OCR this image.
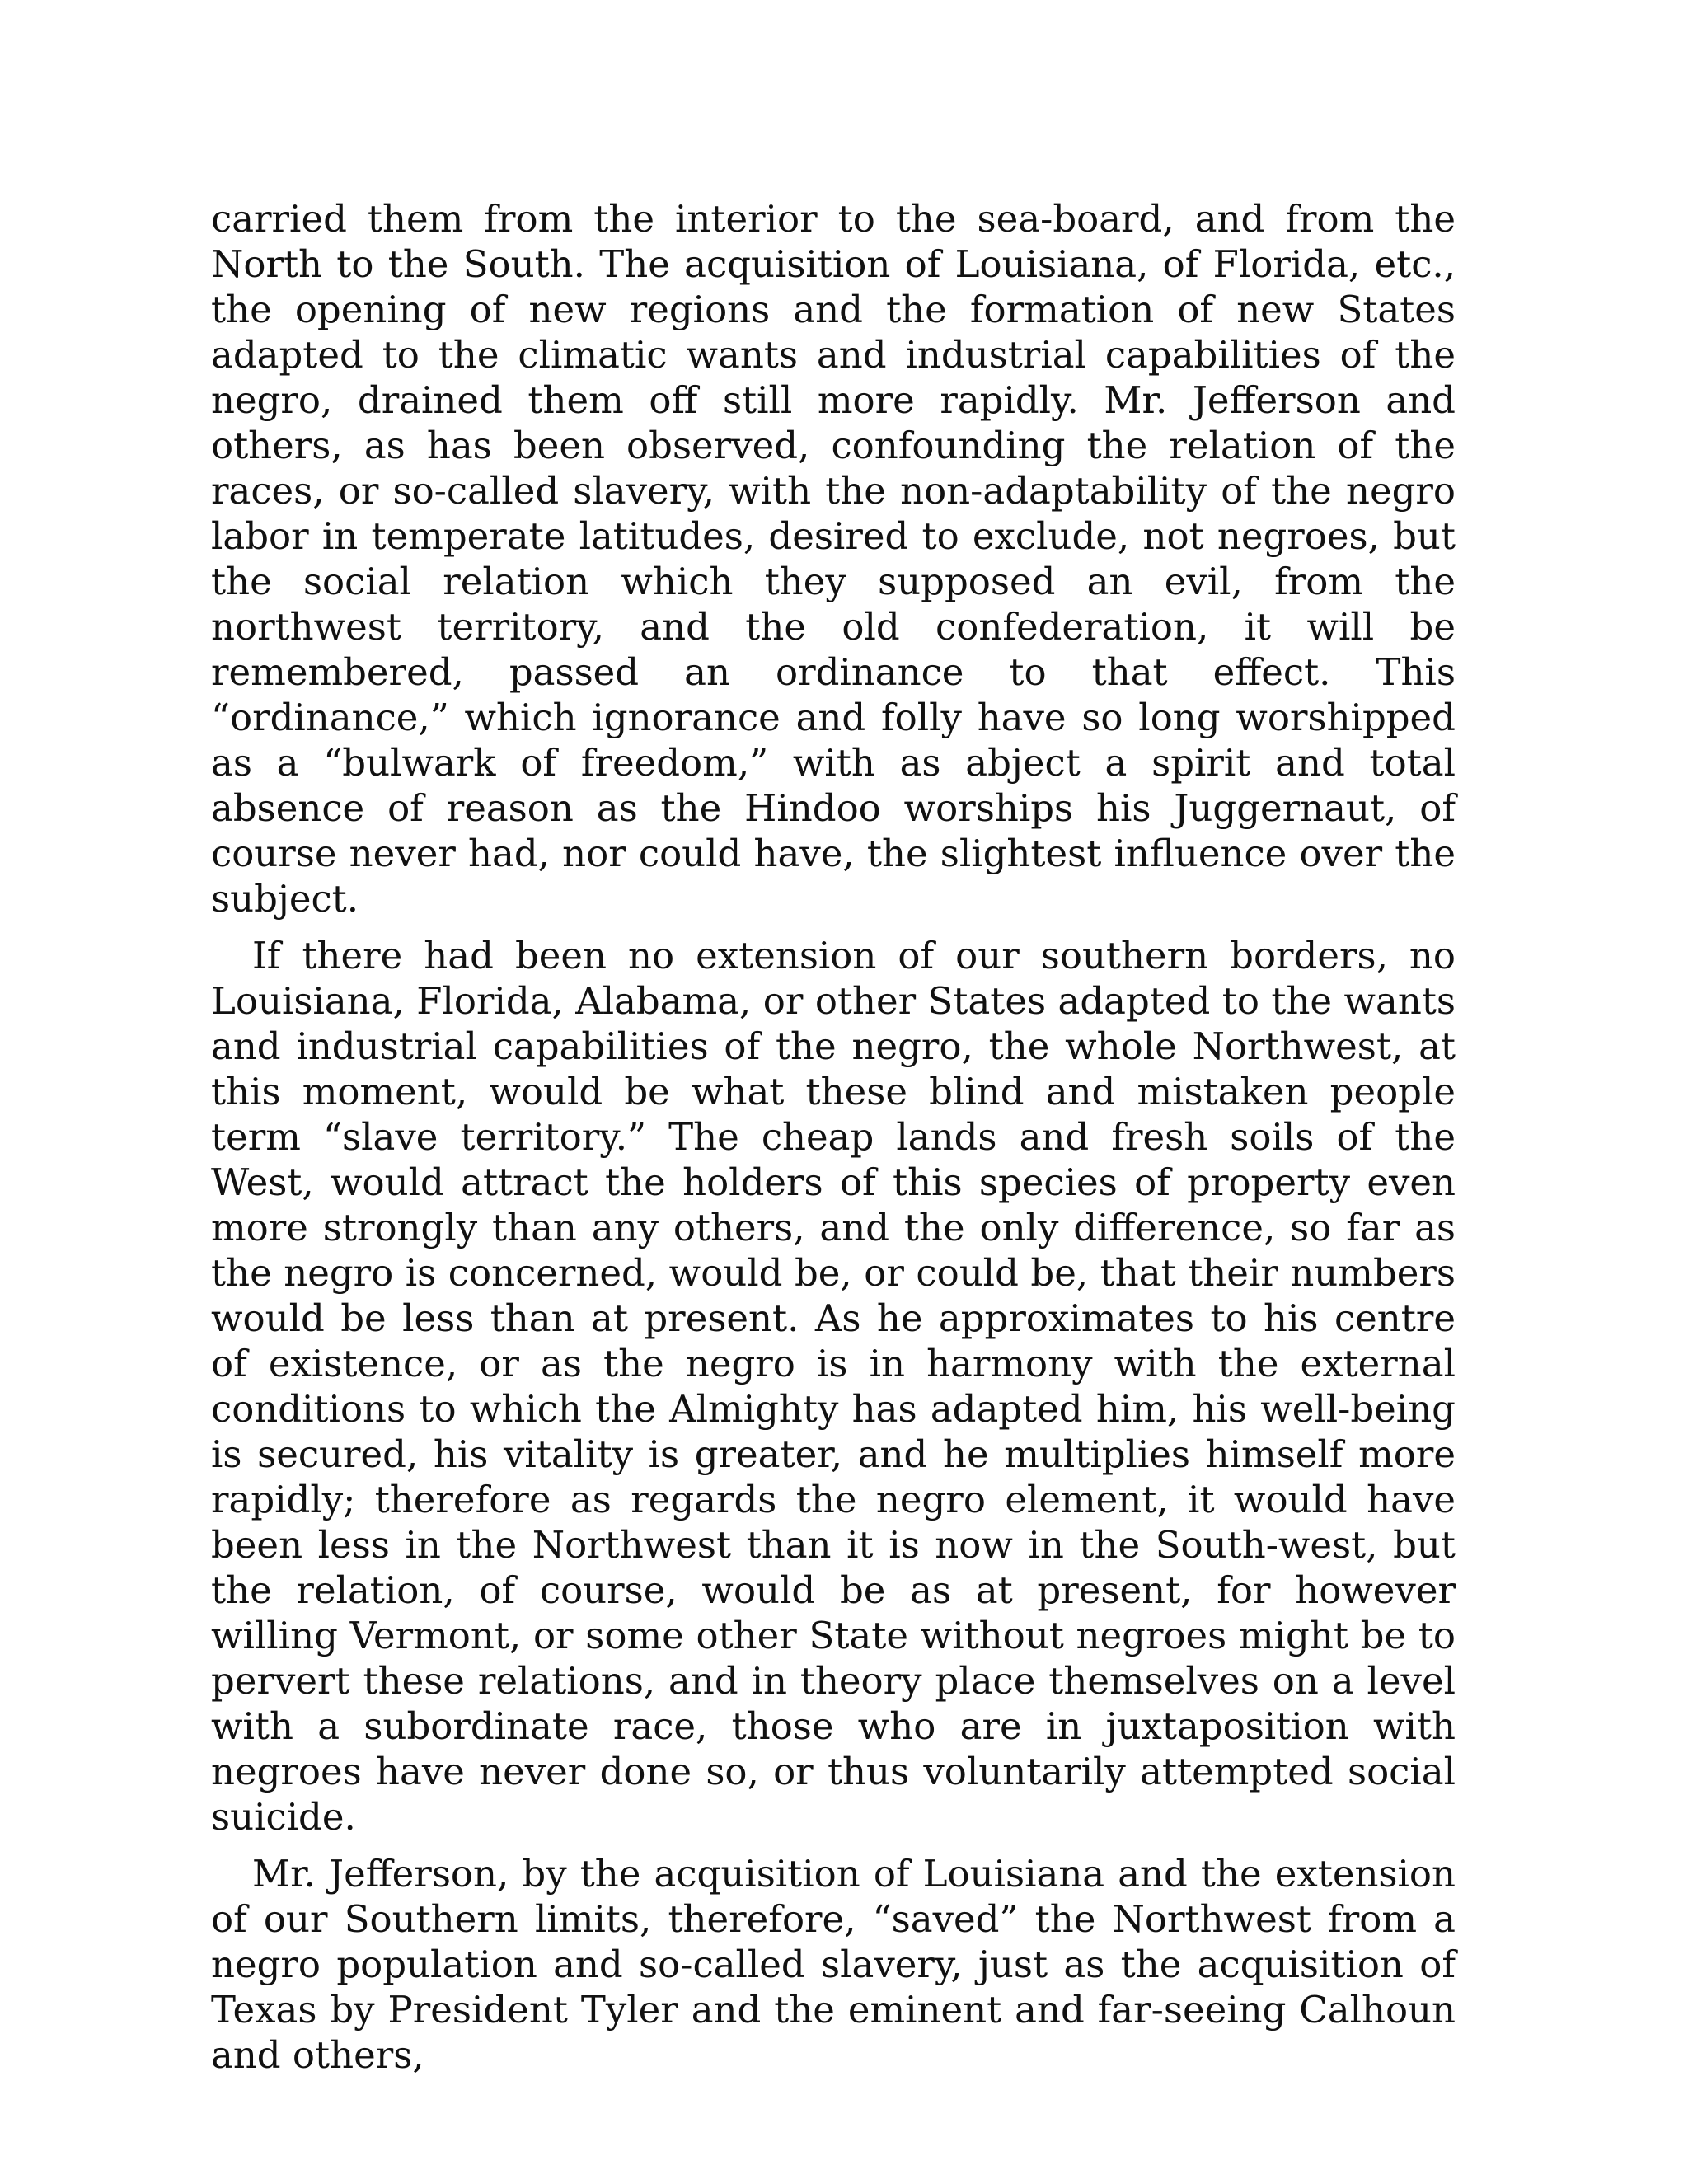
carried them from the interior to the sea-board, and from the North to the South. The acquisition of Louisiana, of Florida, etc., the opening of new regions and the formation of new States adapted to the climatic wants and industrial capabilities of the negro, drained them off still more rapidly. Mr. Jefferson and others, as has been observed, confounding the relation of the races, or so-called slavery, with the non-adaptability of the negro labor in temperate latitudes, desired to exclude, not negroes, but the social relation which they supposed an evil, from the northwest territory, and the old confederation, it will be remembered, passed an ordinance to that effect. This “ordinance,” which ignorance and folly have so long worshipped as a “bulwark of freedom,” with as abject a spirit and total absence of reason as the Hindoo worships his Juggernaut, of course never had, nor could have, the slightest influence over the subject.

If there had been no extension of our southern borders, no Louisiana, Florida, Alabama, or other States adapted to the wants and industrial capabilities of the negro, the whole Northwest, at this moment, would be what these blind and mistaken people term “slave territory.” The cheap lands and fresh soils of the West, would attract the holders of this species of property even more strongly than any others, and the only difference, so far as the negro is concerned, would be, or could be, that their numbers would be less than at present. As he approximates to his centre of existence, or as the negro is in harmony with the external conditions to which the Almighty has adapted him, his well-being is secured, his vitality is greater, and he multiplies himself more rapidly; therefore as regards the negro element, it would have been less in the Northwest than it is now in the South-west, but the relation, of course, would be as at present, for however willing Vermont, or some other State without negroes might be to pervert these relations, and in theory place themselves on a level with a subordinate race, those who are in juxtaposition with negroes have never done so, or thus voluntarily attempted social suicide.

Mr. Jefferson, by the acquisition of Louisiana and the extension of our Southern limits, therefore, “saved” the Northwest from a negro population and so-called slavery, just as the acquisition of Texas by President Tyler and the eminent and far-seeing Calhoun and others,
